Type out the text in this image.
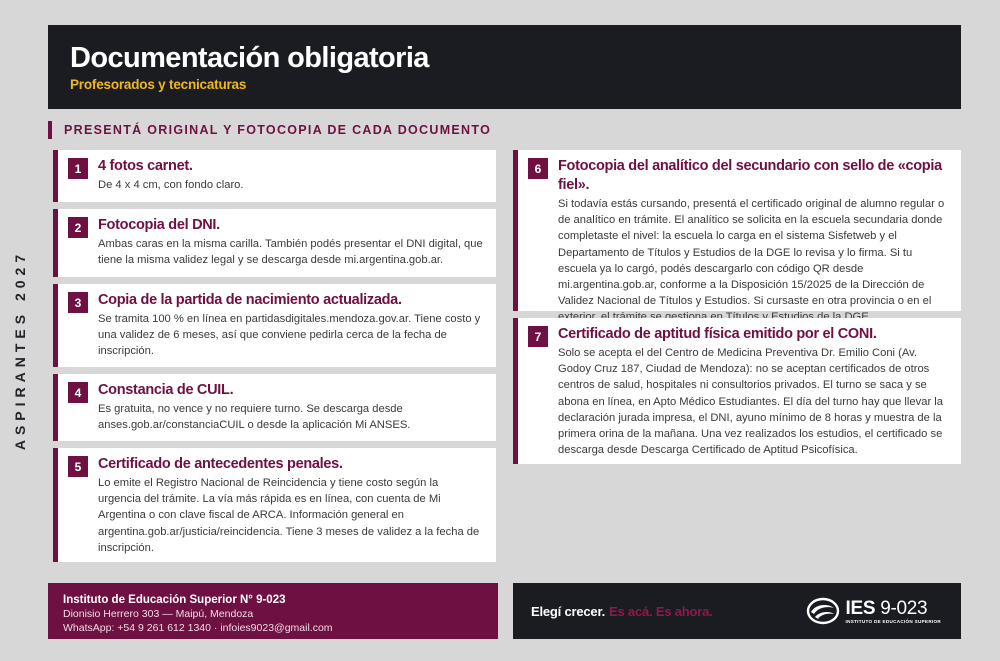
Documentación obligatoria
Profesorados y tecnicaturas
ASPIRANTES 2027
PRESENTÁ ORIGINAL Y FOTOCOPIA DE CADA DOCUMENTO
1	4 fotos carnet.
De 4 x 4 cm, con fondo claro.
2	Fotocopia del DNI.
Ambas caras en la misma carilla. También podés presentar el DNI digital, que tiene la misma validez legal y se descarga desde mi.argentina.gob.ar.
3	Copia de la partida de nacimiento actualizada.
Se tramita 100 % en línea en partidasdigitales.mendoza.gov.ar. Tiene costo y una validez de 6 meses, así que conviene pedirla cerca de la fecha de inscripción.
4	Constancia de CUIL.
Es gratuita, no vence y no requiere turno. Se descarga desde anses.gob.ar/constanciaCUIL o desde la aplicación Mi ANSES.
5	Certificado de antecedentes penales.
Lo emite el Registro Nacional de Reincidencia y tiene costo según la urgencia del trámite. La vía más rápida es en línea, con cuenta de Mi Argentina o con clave fiscal de ARCA. Información general en argentina.gob.ar/justicia/reincidencia. Tiene 3 meses de validez a la fecha de inscripción.
6	Fotocopia del analítico del secundario con sello de «copia fiel».
Si todavía estás cursando, presentá el certificado original de alumno regular o de analítico en trámite. El analítico se solicita en la escuela secundaria donde completaste el nivel: la escuela lo carga en el sistema Sisfetweb y el Departamento de Títulos y Estudios de la DGE lo revisa y lo firma. Si tu escuela ya lo cargó, podés descargarlo con código QR desde mi.argentina.gob.ar, conforme a la Disposición 15/2025 de la Dirección de Validez Nacional de Títulos y Estudios. Si cursaste en otra provincia o en el
7	Certificado de aptitud física emitido por el CONI.
Solo se acepta el del Centro de Medicina Preventiva Dr. Emilio Coni (Av. Godoy Cruz 187, Ciudad de Mendoza): no se aceptan certificados de otros centros de salud, hospitales ni consultorios privados. El turno se saca y se abona en línea, en Apto Médico Estudiantes. El día del turno hay que llevar la declaración jurada impresa, el DNI, ayuno mínimo de 8 horas y muestra de la primera orina de la mañana. Una vez realizados los estudios, el certificado se descarga desde Descarga Certificado de Aptitud Psicofísica.
Instituto de Educación Superior N° 9-023
Dionisio Herrero 303 — Maipú, Mendoza
WhatsApp: +54 9 261 612 1340 · infoies9023@gmail.com
Elegí crecer. Es acá. Es ahora.	IES 9-023
INSTITUTO DE EDUCACIÓN SUPERIOR
